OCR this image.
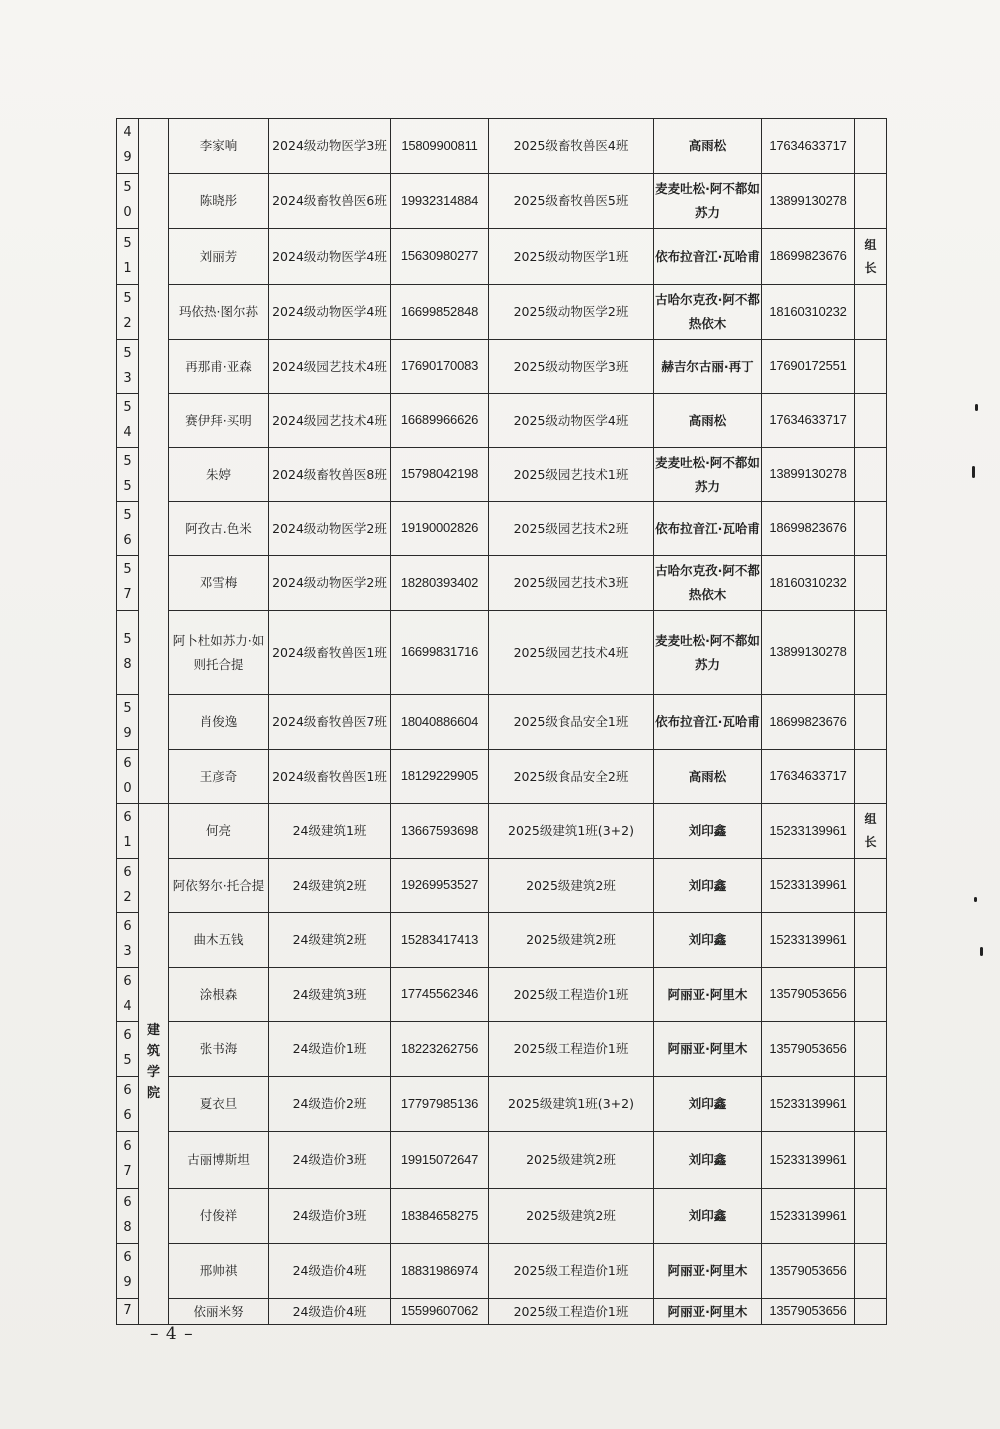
4
9		李家响	2024级动物医学3班	15809900811	2025级畜牧兽医4班	高雨松	17634633717	

5
0		陈晓彤	2024级畜牧兽医6班	19932314884	2025级畜牧兽医5班	麦麦吐松·阿不都如苏力	13899130278	

5
1		刘丽芳	2024级动物医学4班	15630980277	2025级动物医学1班	依布拉音江·瓦哈甫	18699823676	组长

5
2		玛依热·图尔荪	2024级动物医学4班	16699852848	2025级动物医学2班	古哈尔克孜·阿不都热依木	18160310232	

5
3		再那甫·亚森	2024级园艺技术4班	17690170083	2025级动物医学3班	赫吉尔古丽·再丁	17690172551	

5
4		赛伊拜·买明	2024级园艺技术4班	16689966626	2025级动物医学4班	高雨松	17634633717	

5
5		朱婷	2024级畜牧兽医8班	15798042198	2025级园艺技术1班	麦麦吐松·阿不都如苏力	13899130278	

5
6		阿孜古.色米	2024级动物医学2班	19190002826	2025级园艺技术2班	依布拉音江·瓦哈甫	18699823676	

5
7		邓雪梅	2024级动物医学2班	18280393402	2025级园艺技术3班	古哈尔克孜·阿不都热依木	18160310232	

5
8		阿卜杜如苏力·如则托合提	2024级畜牧兽医1班	16699831716	2025级园艺技术4班	麦麦吐松·阿不都如苏力	13899130278	

5
9		肖俊逸	2024级畜牧兽医7班	18040886604	2025级食品安全1班	依布拉音江·瓦哈甫	18699823676	

6
0		王彦奇	2024级畜牧兽医1班	18129229905	2025级食品安全2班	高雨松	17634633717	

6
1	建筑学院	何亮	24级建筑1班	13667593698	2025级建筑1班(3+2)	刘印鑫	15233139961	组长

6
2		阿依努尔·托合提	24级建筑2班	19269953527	2025级建筑2班	刘印鑫	15233139961	

6
3		曲木五钱	24级建筑2班	15283417413	2025级建筑2班	刘印鑫	15233139961	

6
4		涂根森	24级建筑3班	17745562346	2025级工程造价1班	阿丽亚·阿里木	13579053656	

6
5		张书海	24级造价1班	18223262756	2025级工程造价1班	阿丽亚·阿里木	13579053656	

6
6		夏衣旦	24级造价2班	17797985136	2025级建筑1班(3+2)	刘印鑫	15233139961	

6
7		古丽博斯坦	24级造价3班	19915072647	2025级建筑2班	刘印鑫	15233139961	

6
8		付俊祥	24级造价3班	18384658275	2025级建筑2班	刘印鑫	15233139961	

6
9		邢帅祺	24级造价4班	18831986974	2025级工程造价1班	阿丽亚·阿里木	13579053656	

7		依丽米努	24级造价4班	15599607062	2025级工程造价1班	阿丽亚·阿里木	13579053656	
– 4 –
